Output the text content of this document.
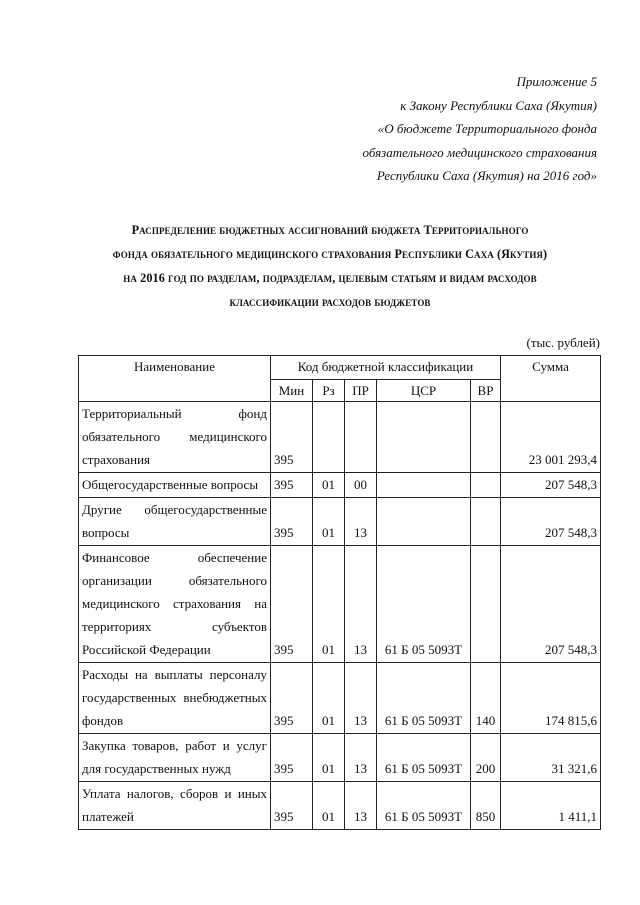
Приложение 5
к Закону Республики Саха (Якутия)
«О бюджете Территориального фонда
обязательного медицинского страхования
Республики Саха (Якутия) на 2016 год»
Распределение бюджетных ассигнований бюджета Территориального
фонда обязательного медицинского страхования Республики Саха (Якутия)
на 2016 год по разделам, подразделам, целевым статьям и видам расходов
классификации расходов бюджетов
(тыс. рублей)
Наименование	Код бюджетной классификации					Сумма
	Мин	Рз	ПР	ЦСР	ВР	
Территориальный фонд обязательного медицинского страхования	395					23 001 293,4
Общегосударственные вопросы	395	01	00			207 548,3
Другие общегосударственные вопросы	395	01	13			207 548,3
Финансовое обеспечение организации обязательного медицинского страхования на территориях субъектов Российской Федерации	395	01	13	61 Б 05 5093Т		207 548,3
Расходы на выплаты персоналу государственных внебюджетных фондов	395	01	13	61 Б 05 5093Т	140	174 815,6
Закупка товаров, работ и услуг для государственных нужд	395	01	13	61 Б 05 5093Т	200	31 321,6
Уплата налогов, сборов и иных платежей	395	01	13	61 Б 05 5093Т	850	1 411,1
